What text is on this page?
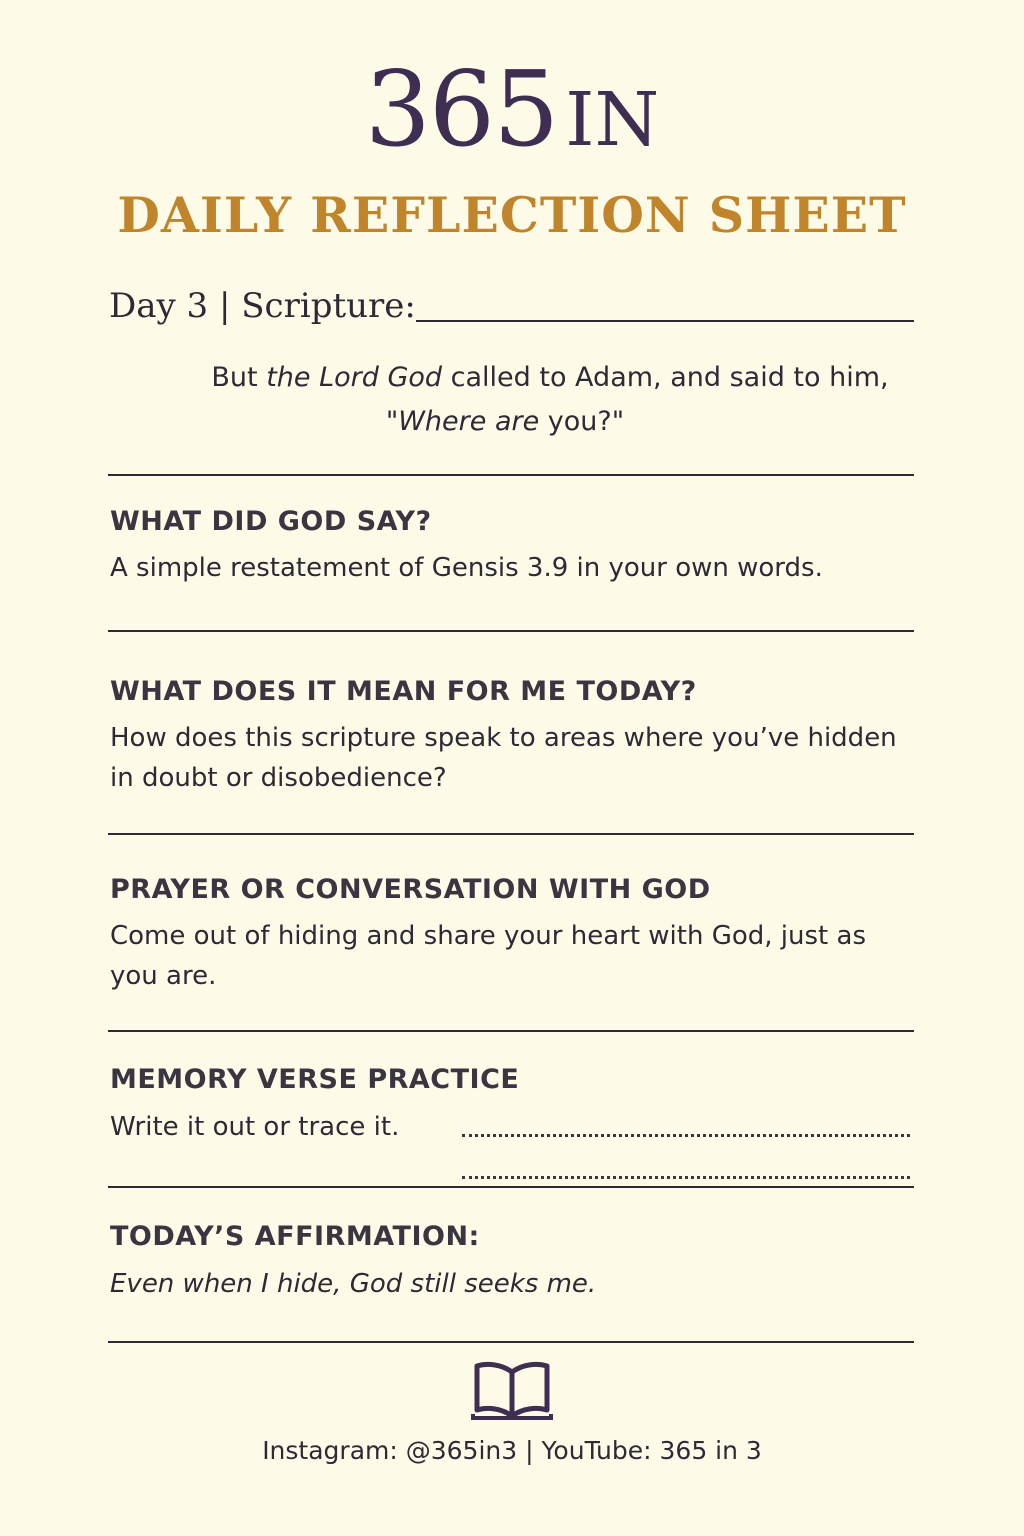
365 IN
DAILY REFLECTION SHEET
Day 3 | Scripture:
But the Lord God called to Adam, and said to him,
"Where are you?"
WHAT DID GOD SAY?
A simple restatement of Gensis 3.9 in your own words.
WHAT DOES IT MEAN FOR ME TODAY?
How does this scripture speak to areas where you’ve hidden in doubt or disobedience?
PRAYER OR CONVERSATION WITH GOD
Come out of hiding and share your heart with God, just as you are.
MEMORY VERSE PRACTICE
Write it out or trace it.
TODAY’S AFFIRMATION:
Even when I hide, God still seeks me.
Instagram: @365in3 | YouTube: 365 in 3
